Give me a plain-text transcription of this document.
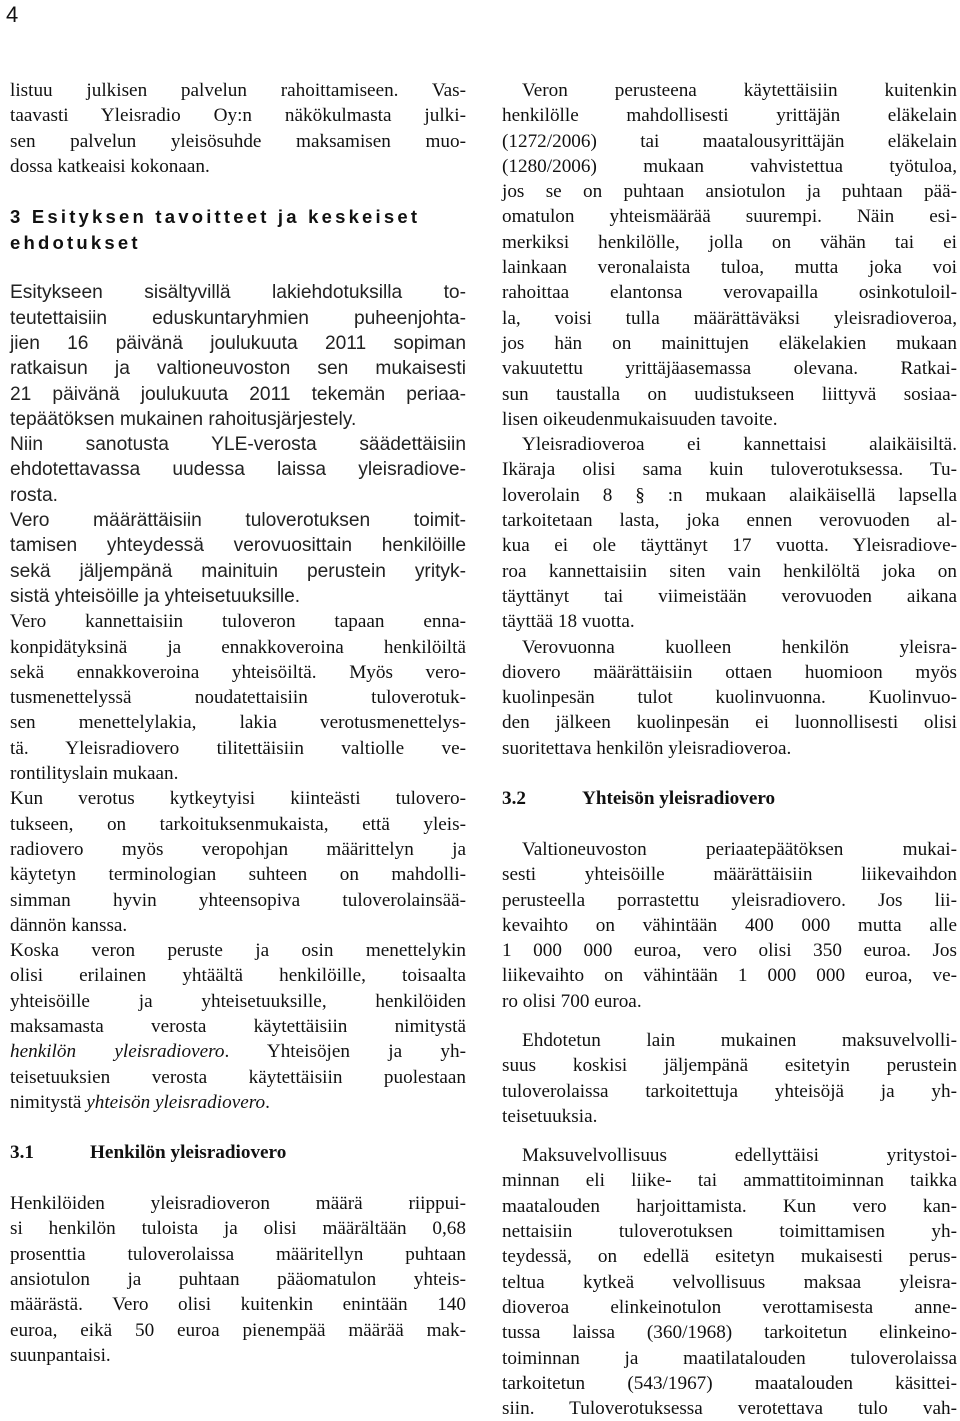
4
listuu julkisen palvelun rahoittamiseen. Vas-
taavasti Yleisradio Oy:n näkökulmasta julki-
sen palvelun yleisösuhde maksamisen muo-
dossa katkeaisi kokonaan.
3 Esityksen tavoitteet ja keskeiset
ehdotukset
Esitykseen sisältyvillä lakiehdotuksilla to-
teutettaisiin eduskuntaryhmien puheenjohta-
jien 16 päivänä joulukuuta 2011 sopiman
ratkaisun ja valtioneuvoston sen mukaisesti
21 päivänä joulukuuta 2011 tekemän periaa-
tepäätöksen mukainen rahoitusjärjestely.
Niin sanotusta YLE-verosta säädettäisiin
ehdotettavassa uudessa laissa yleisradiove-
rosta.
Vero määrättäisiin tuloverotuksen toimit-
tamisen yhteydessä verovuosittain henkilöille
sekä jäljempänä mainituin perustein yrityk-
sistä yhteisöille ja yhteisetuuksille.
Vero kannettaisiin tuloveron tapaan enna-
konpidätyksinä ja ennakkoveroina henkilöiltä
sekä ennakkoveroina yhteisöiltä. Myös vero-
tusmenettelyssä noudatettaisiin tuloverotuk-
sen menettelylakia, lakia verotusmenettelys-
tä. Yleisradiovero tilitettäisiin valtiolle ve-
rontilityslain mukaan.
Kun verotus kytkeytyisi kiinteästi tulovero-
tukseen, on tarkoituksenmukaista, että yleis-
radiovero myös veropohjan määrittelyn ja
käytetyn terminologian suhteen on mahdolli-
simman hyvin yhteensopiva tuloverolainsää-
dännön kanssa.
Koska veron peruste ja osin menettelykin
olisi erilainen yhtäältä henkilöille, toisaalta
yhteisöille ja yhteisetuuksille, henkilöiden
maksamasta verosta käytettäisiin nimitystä
henkilön yleisradiovero. Yhteisöjen ja yh-
teisetuuksien verosta käytettäisiin puolestaan
nimitystä yhteisön yleisradiovero.
3.1	Henkilön yleisradiovero
Henkilöiden yleisradioveron määrä riippui-
si henkilön tuloista ja olisi määrältään 0,68
prosenttia tuloverolaissa määritellyn puhtaan
ansiotulon ja puhtaan pääomatulon yhteis-
määrästä. Vero olisi kuitenkin enintään 140
euroa, eikä 50 euroa pienempää määrää mak-
suunpantaisi.
Veron perusteena käytettäisiin kuitenkin
henkilölle mahdollisesti yrittäjän eläkelain
(1272/2006) tai maatalousyrittäjän eläkelain
(1280/2006) mukaan vahvistettua työtuloa,
jos se on puhtaan ansiotulon ja puhtaan pää-
omatulon yhteismäärää suurempi. Näin esi-
merkiksi henkilölle, jolla on vähän tai ei
lainkaan veronalaista tuloa, mutta joka voi
rahoittaa elantonsa verovapailla osinkotuloil-
la, voisi tulla määrättäväksi yleisradioveroa,
jos hän on mainittujen eläkelakien mukaan
vakuutettu yrittäjäasemassa olevana. Ratkai-
sun taustalla on uudistukseen liittyvä sosiaa-
lisen oikeudenmukaisuuden tavoite.
Yleisradioveroa ei kannettaisi alaikäisiltä.
Ikäraja olisi sama kuin tuloverotuksessa. Tu-
loverolain 8 § :n mukaan alaikäisellä lapsella
tarkoitetaan lasta, joka ennen verovuoden al-
kua ei ole täyttänyt 17 vuotta. Yleisradiove-
roa kannettaisiin siten vain henkilöltä joka on
täyttänyt tai viimeistään verovuoden aikana
täyttää 18 vuotta.
Verovuonna kuolleen henkilön yleisra-
diovero määrättäisiin ottaen huomioon myös
kuolinpesän tulot kuolinvuonna. Kuolinvuo-
den jälkeen kuolinpesän ei luonnollisesti olisi
suoritettava henkilön yleisradioveroa.
3.2	Yhteisön yleisradiovero
Valtioneuvoston periaatepäätöksen mukai-
sesti yhteisöille määrättäisiin liikevaihdon
perusteella porrastettu yleisradiovero. Jos lii-
kevaihto on vähintään 400 000 mutta alle
1 000 000 euroa, vero olisi 350 euroa. Jos
liikevaihto on vähintään 1 000 000 euroa, ve-
ro olisi 700 euroa.
Ehdotetun lain mukainen maksuvelvolli-
suus koskisi jäljempänä esitetyin perustein
tuloverolaissa tarkoitettuja yhteisöjä ja yh-
teisetuuksia.
Maksuvelvollisuus edellyttäisi yritystoi-
minnan eli liike- tai ammattitoiminnan taikka
maatalouden harjoittamista. Kun vero kan-
nettaisiin tuloverotuksen toimittamisen yh-
teydessä, on edellä esitetyn mukaisesti perus-
teltua kytkeä velvollisuus maksaa yleisra-
dioveroa elinkeinotulon verottamisesta anne-
tussa laissa (360/1968) tarkoitetun elinkeino-
toiminnan ja maatilatalouden tuloverolaissa
tarkoitetun (543/1967) maatalouden käsittei-
siin. Tuloverotuksessa verotettava tulo vah-
